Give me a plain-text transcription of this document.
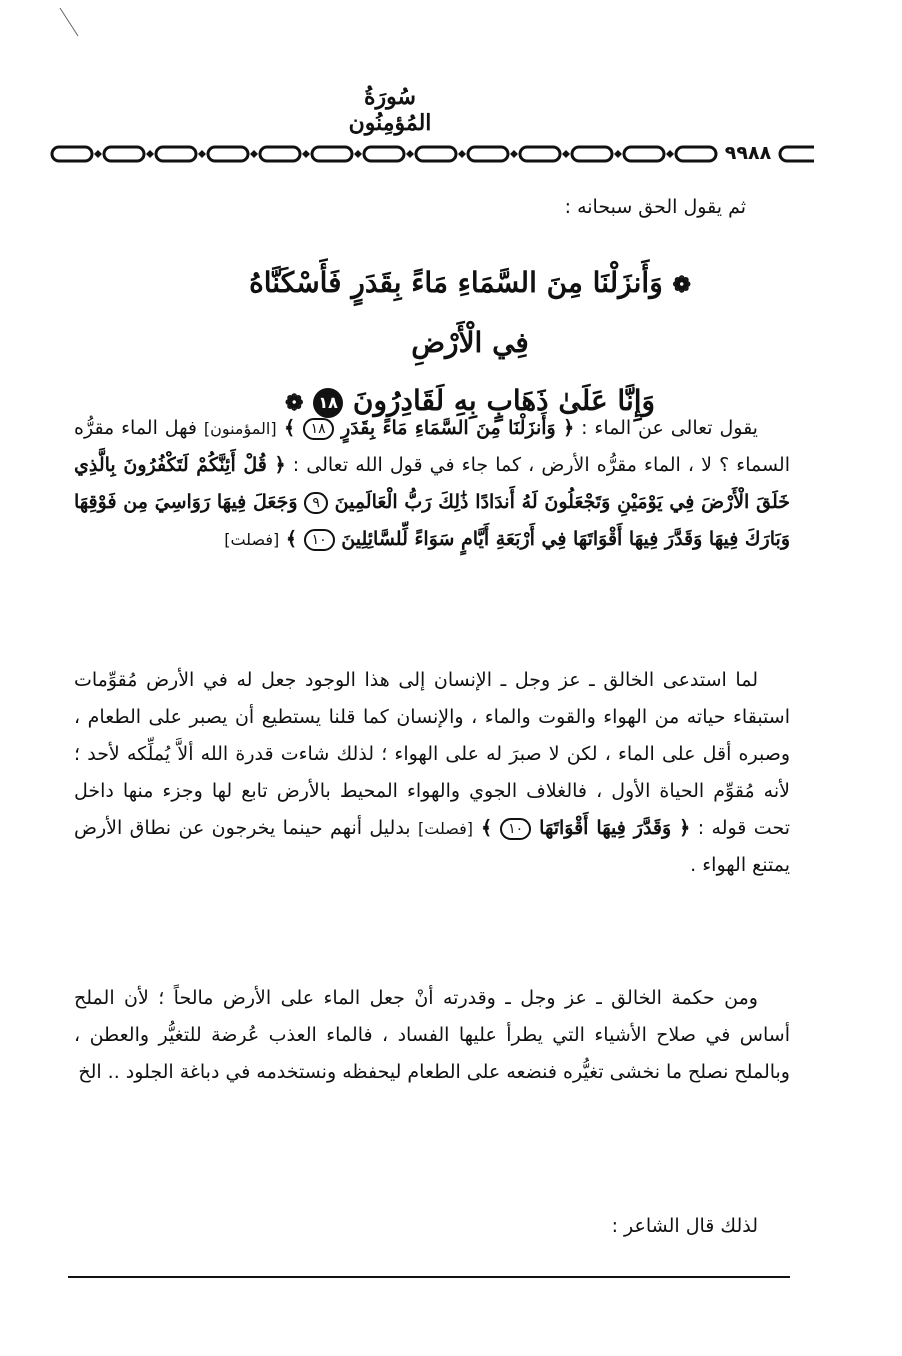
سُورَةُ المُؤمِنُون
٩٩٨٨
ثم يقول الحق سبحانه :
❁ وَأَنزَلْنَا مِنَ السَّمَاءِ مَاءً بِقَدَرٍ فَأَسْكَنَّاهُ فِي الْأَرْضِ
وَإِنَّا عَلَىٰ ذَهَابٍ بِهِ لَقَادِرُونَ ١٨ ❁
يقول تعالى عن الماء : ﴿ وَأَنزَلْنَا مِنَ السَّمَاءِ مَاءً بِقَدَرٍ ١٨ ﴾ [المؤمنون] فهل الماء مقرُّه السماء ؟ لا ، الماء مقرُّه الأرض ، كما جاء في قول الله تعالى : ﴿ قُلْ أَئِنَّكُمْ لَتَكْفُرُونَ بِالَّذِي خَلَقَ الْأَرْضَ فِي يَوْمَيْنِ وَتَجْعَلُونَ لَهُ أَندَادًا ذَٰلِكَ رَبُّ الْعَالَمِينَ ٩ وَجَعَلَ فِيهَا رَوَاسِيَ مِن فَوْقِهَا وَبَارَكَ فِيهَا وَقَدَّرَ فِيهَا أَقْوَاتَهَا فِي أَرْبَعَةِ أَيَّامٍ سَوَاءً لِّلسَّائِلِينَ ١٠ ﴾ [فصلت]
لما استدعى الخالق ـ عز وجل ـ الإنسان إلى هذا الوجود جعل له في الأرض مُقوِّمات استبقاء حياته من الهواء والقوت والماء ، والإنسان كما قلنا يستطيع أن يصبر على الطعام ، وصبره أقل على الماء ، لكن لا صبرَ له على الهواء ؛ لذلك شاءت قدرة الله ألاَّ يُملِّكه لأحد ؛ لأنه مُقوِّم الحياة الأول ، فالغلاف الجوي والهواء المحيط بالأرض تابع لها وجزء منها داخل تحت قوله : ﴿ وَقَدَّرَ فِيهَا أَقْوَاتَهَا ١٠ ﴾ [فصلت] بدليل أنهم حينما يخرجون عن نطاق الأرض يمتنع الهواء .
ومن حكمة الخالق ـ عز وجل ـ وقدرته أنْ جعل الماء على الأرض مالحاً ؛ لأن الملح أساس في صلاح الأشياء التي يطرأ عليها الفساد ، فالماء العذب عُرضة للتغيُّر والعطن ، وبالملح نصلح ما نخشى تغيُّره فنضعه على الطعام ليحفظه ونستخدمه في دباغة الجلود .. الخ
لذلك قال الشاعر :
